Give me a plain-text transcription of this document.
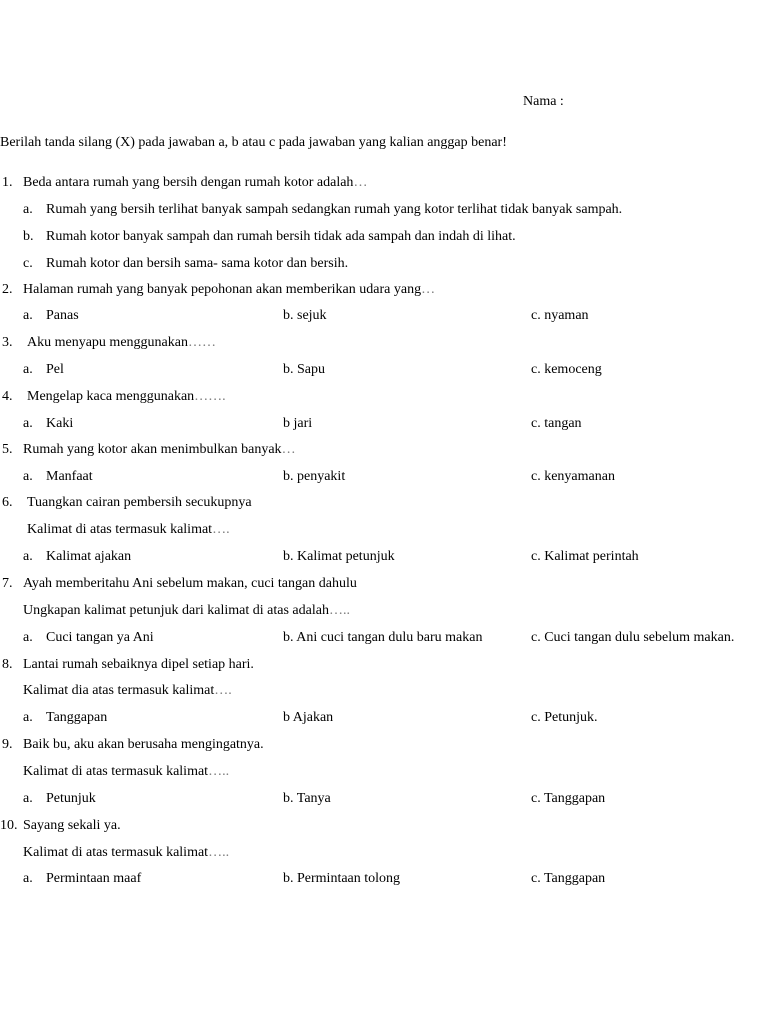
Nama :
Berilah tanda silang (X) pada jawaban a, b atau c pada jawaban yang kalian anggap benar!
1. Beda antara rumah yang bersih dengan rumah kotor adalah…
a. Rumah yang bersih terlihat banyak sampah sedangkan rumah yang kotor terlihat tidak banyak sampah.
b. Rumah kotor banyak sampah dan rumah bersih tidak ada sampah dan indah di lihat.
c. Rumah kotor dan bersih sama- sama kotor dan bersih.
2. Halaman rumah yang banyak pepohonan akan memberikan udara yang…
a. Panas	b. sejuk	c. nyaman
3. Aku menyapu menggunakan……
a. Pel	b. Sapu	c. kemoceng
4. Mengelap kaca menggunakan…….
a. Kaki	b jari	c. tangan
5. Rumah yang kotor akan menimbulkan banyak…
a. Manfaat	b. penyakit	c. kenyamanan
6. Tuangkan cairan pembersih secukupnya
Kalimat di atas termasuk kalimat….
a. Kalimat ajakan	b. Kalimat petunjuk	c. Kalimat perintah
7. Ayah memberitahu Ani sebelum makan, cuci tangan dahulu
Ungkapan kalimat petunjuk dari kalimat di atas adalah…..
a. Cuci tangan ya Ani	b. Ani cuci tangan dulu baru makan	c. Cuci tangan dulu sebelum makan.
8. Lantai rumah sebaiknya dipel setiap hari.
Kalimat dia atas termasuk kalimat….
a. Tanggapan	b Ajakan	c. Petunjuk.
9. Baik bu, aku akan berusaha mengingatnya.
Kalimat di atas termasuk kalimat…..
a. Petunjuk	b. Tanya	c. Tanggapan
10. Sayang sekali ya.
Kalimat di atas termasuk kalimat…..
a. Permintaan maaf	b. Permintaan tolong	c. Tanggapan
